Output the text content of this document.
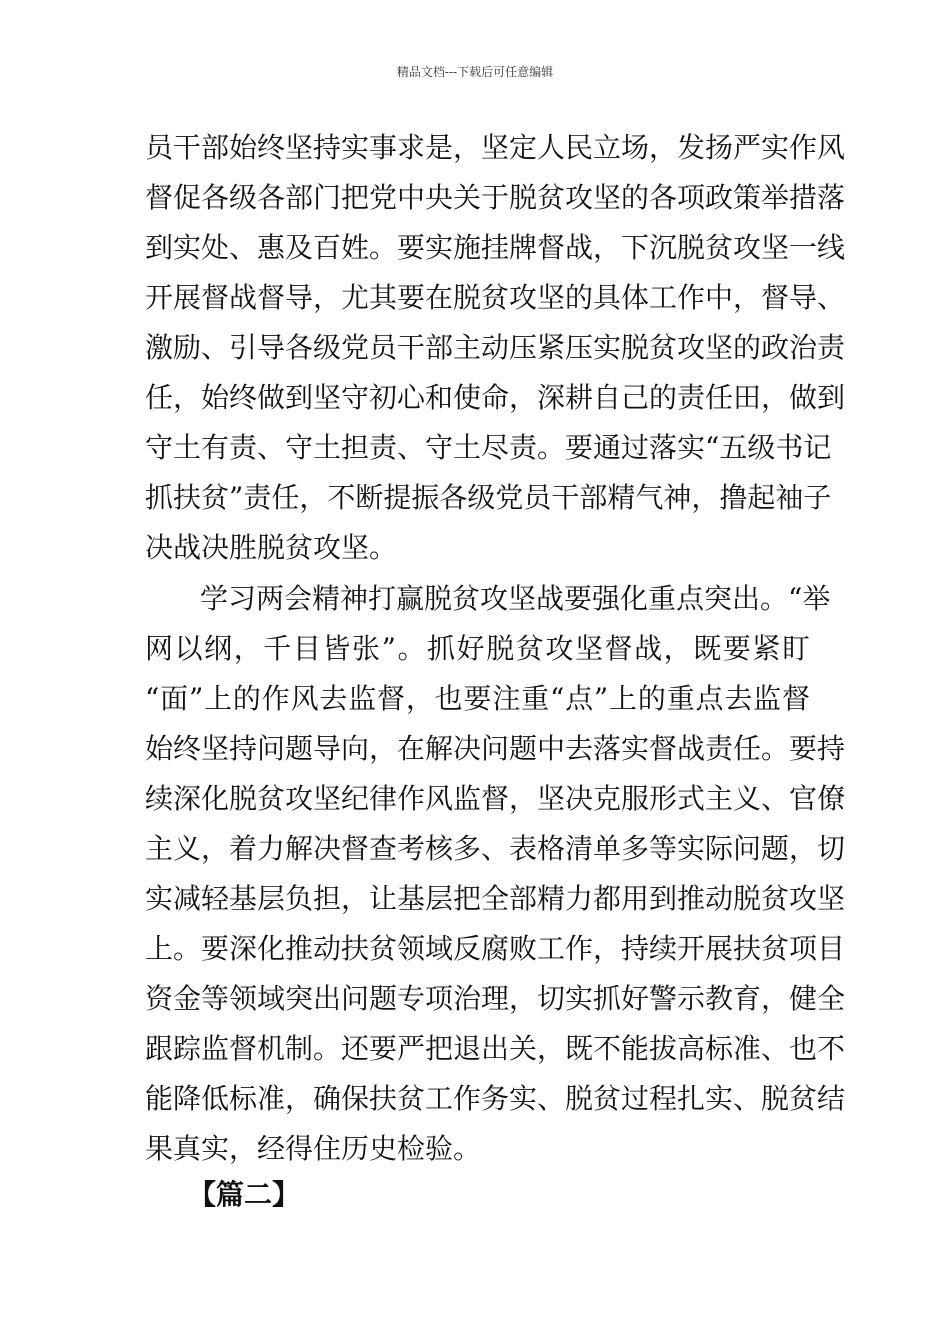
精品文档---下载后可任意编辑
员干部始终坚持实事求是，坚定人民立场，发扬严实作风
督促各级各部门把党中央关于脱贫攻坚的各项政策举措落
到实处、惠及百姓。要实施挂牌督战，下沉脱贫攻坚一线
开展督战督导，尤其要在脱贫攻坚的具体工作中，督导、
激励、引导各级党员干部主动压紧压实脱贫攻坚的政治责
任，始终做到坚守初心和使命，深耕自己的责任田，做到
守土有责、守土担责、守土尽责。要通过落实“五级书记
抓扶贫”责任，不断提振各级党员干部精气神，撸起袖子
决战决胜脱贫攻坚。
学习两会精神打赢脱贫攻坚战要强化重点突出。“举
网以纲，千目皆张”。抓好脱贫攻坚督战，既要紧盯
“面”上的作风去监督，也要注重“点”上的重点去监督
始终坚持问题导向，在解决问题中去落实督战责任。要持
续深化脱贫攻坚纪律作风监督，坚决克服形式主义、官僚
主义，着力解决督查考核多、表格清单多等实际问题，切
实减轻基层负担，让基层把全部精力都用到推动脱贫攻坚
上。要深化推动扶贫领域反腐败工作，持续开展扶贫项目
资金等领域突出问题专项治理，切实抓好警示教育，健全
跟踪监督机制。还要严把退出关，既不能拔高标准、也不
能降低标准，确保扶贫工作务实、脱贫过程扎实、脱贫结
果真实，经得住历史检验。
【篇二】
